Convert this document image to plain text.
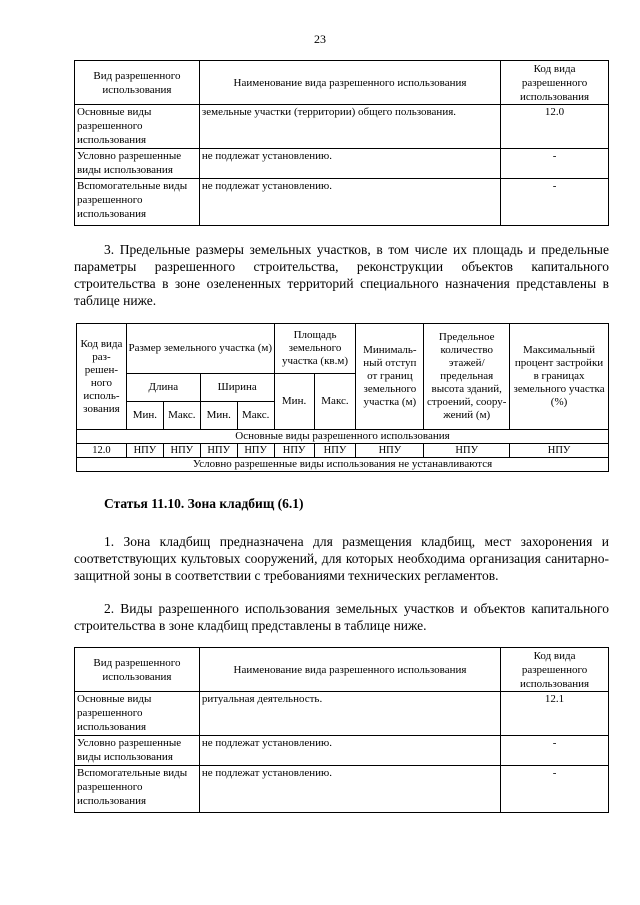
23
Вид разрешенного использования	Наименование вида разрешенного использования	Код вида разрешенного использования
Основные виды разрешенного использования	земельные участки (территории) общего пользования.	12.0
Условно разрешенные виды использования	не подлежат установлению.	-
Вспомогательные виды разрешенного использования	не подлежат установлению.	-

3. Предельные размеры земельных участков, в том числе их площадь и предельные параметры разрешенного строительства, реконструкции объектов капитального строительства в зоне озелененных территорий специального назначения представлены в таблице ниже.

Код вида раз-решен-ного исполь-зования	Размер земельного участка (м)				Площадь земельного участка (кв.м)		Минималь-ный отступ от границ земельного участка (м)	Предельное количество этажей/ предельная высота зданий, строений, соору-жений (м)	Максимальный процент застройки в границах земельного участка (%)
	Длина		Ширина		Мин.	Макс.			
	Мин.	Макс.	Мин.	Макс.					
Основные виды разрешенного использования									
12.0	НПУ	НПУ	НПУ	НПУ	НПУ	НПУ	НПУ	НПУ	НПУ
Условно разрешенные виды использования не устанавливаются									

Статья 11.10. Зона кладбищ (6.1)

1. Зона кладбищ предназначена для размещения кладбищ, мест захоронения и соответствующих культовых сооружений, для которых необходима организация санитарно-защитной зоны в соответствии с требованиями технических регламентов.

2. Виды разрешенного использования земельных участков и объектов капитального строительства в зоне кладбищ представлены в таблице ниже.

Вид разрешенного использования	Наименование вида разрешенного использования	Код вида разрешенного использования
Основные виды разрешенного использования	ритуальная деятельность.	12.1
Условно разрешенные виды использования	не подлежат установлению.	-
Вспомогательные виды разрешенного использования	не подлежат установлению.	-
